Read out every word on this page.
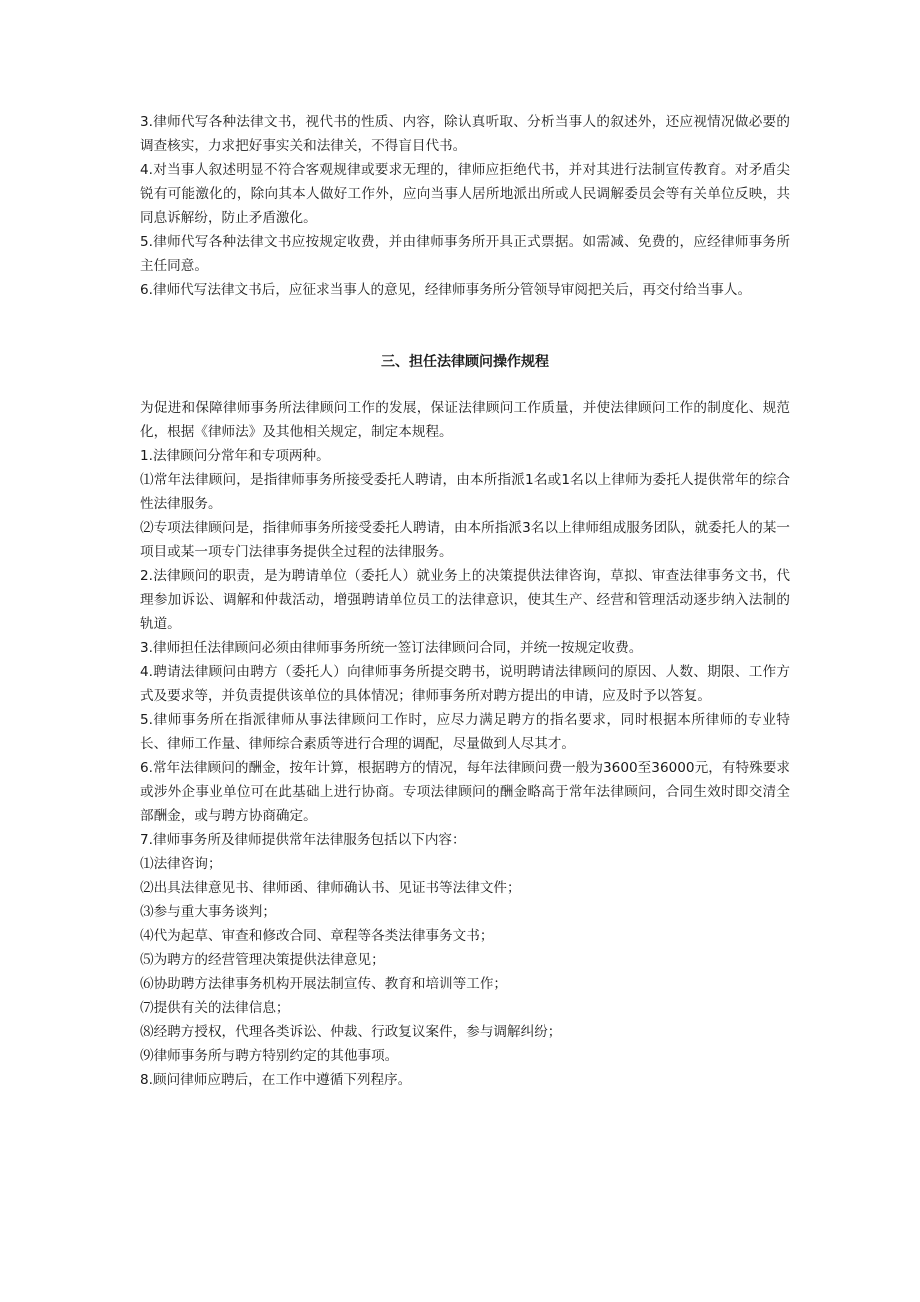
3.律师代写各种法律文书，视代书的性质、内容，除认真听取、分析当事人的叙述外，还应视情况做必要的调查核实，力求把好事实关和法律关，不得盲目代书。

4.对当事人叙述明显不符合客观规律或要求无理的，律师应拒绝代书，并对其进行法制宣传教育。对矛盾尖锐有可能激化的，除向其本人做好工作外，应向当事人居所地派出所或人民调解委员会等有关单位反映，共同息诉解纷，防止矛盾激化。

5.律师代写各种法律文书应按规定收费，并由律师事务所开具正式票据。如需减、免费的，应经律师事务所主任同意。

6.律师代写法律文书后，应征求当事人的意见，经律师事务所分管领导审阅把关后，再交付给当事人。

三、担任法律顾问操作规程

为促进和保障律师事务所法律顾问工作的发展，保证法律顾问工作质量，并使法律顾问工作的制度化、规范化，根据《律师法》及其他相关规定，制定本规程。

1.法律顾问分常年和专项两种。

⑴常年法律顾问，是指律师事务所接受委托人聘请，由本所指派1名或1名以上律师为委托人提供常年的综合性法律服务。

⑵专项法律顾问是，指律师事务所接受委托人聘请，由本所指派3名以上律师组成服务团队，就委托人的某一项目或某一项专门法律事务提供全过程的法律服务。

2.法律顾问的职责，是为聘请单位（委托人）就业务上的决策提供法律咨询，草拟、审查法律事务文书，代理参加诉讼、调解和仲裁活动，增强聘请单位员工的法律意识，使其生产、经营和管理活动逐步纳入法制的轨道。

3.律师担任法律顾问必须由律师事务所统一签订法律顾问合同，并统一按规定收费。

4.聘请法律顾问由聘方（委托人）向律师事务所提交聘书，说明聘请法律顾问的原因、人数、期限、工作方式及要求等，并负责提供该单位的具体情况；律师事务所对聘方提出的申请，应及时予以答复。

5.律师事务所在指派律师从事法律顾问工作时，应尽力满足聘方的指名要求，同时根据本所律师的专业特长、律师工作量、律师综合素质等进行合理的调配，尽量做到人尽其才。

6.常年法律顾问的酬金，按年计算，根据聘方的情况，每年法律顾问费一般为3600至36000元，有特殊要求或涉外企事业单位可在此基础上进行协商。专项法律顾问的酬金略高于常年法律顾问，合同生效时即交清全部酬金，或与聘方协商确定。

7.律师事务所及律师提供常年法律服务包括以下内容：

⑴法律咨询；

⑵出具法律意见书、律师函、律师确认书、见证书等法律文件；

⑶参与重大事务谈判；

⑷代为起草、审查和修改合同、章程等各类法律事务文书；

⑸为聘方的经营管理决策提供法律意见；

⑹协助聘方法律事务机构开展法制宣传、教育和培训等工作；

⑺提供有关的法律信息；

⑻经聘方授权，代理各类诉讼、仲裁、行政复议案件，参与调解纠纷；

⑼律师事务所与聘方特别约定的其他事项。

8.顾问律师应聘后，在工作中遵循下列程序。
